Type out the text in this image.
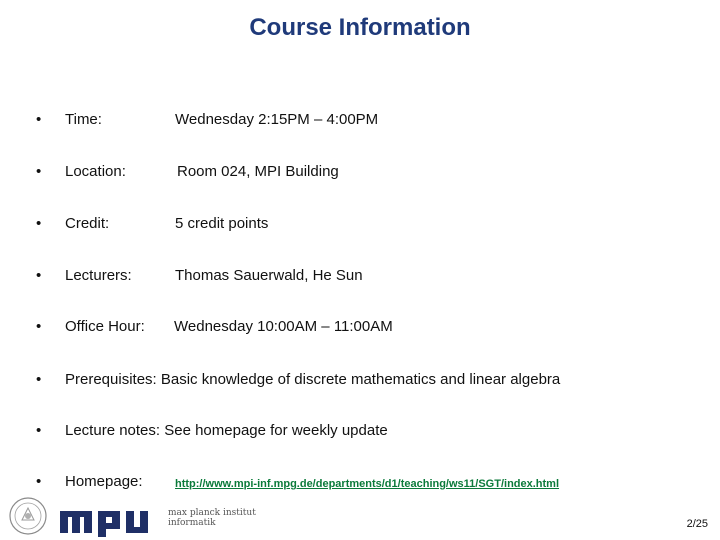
Course Information
• Time:	Wednesday 2:15PM – 4:00PM
• Location:	Room 024, MPI Building
• Credit:	5 credit points
• Lecturers:	Thomas Sauerwald, He Sun
• Office Hour: Wednesday 10:00AM – 11:00AM
• Prerequisites: Basic knowledge of discrete mathematics and linear algebra
• Lecture notes: See homepage for weekly update
• Homepage:	http://www.mpi-inf.mpg.de/departments/d1/teaching/ws11/SGT/index.html
max planck institut
informatik	2/25
